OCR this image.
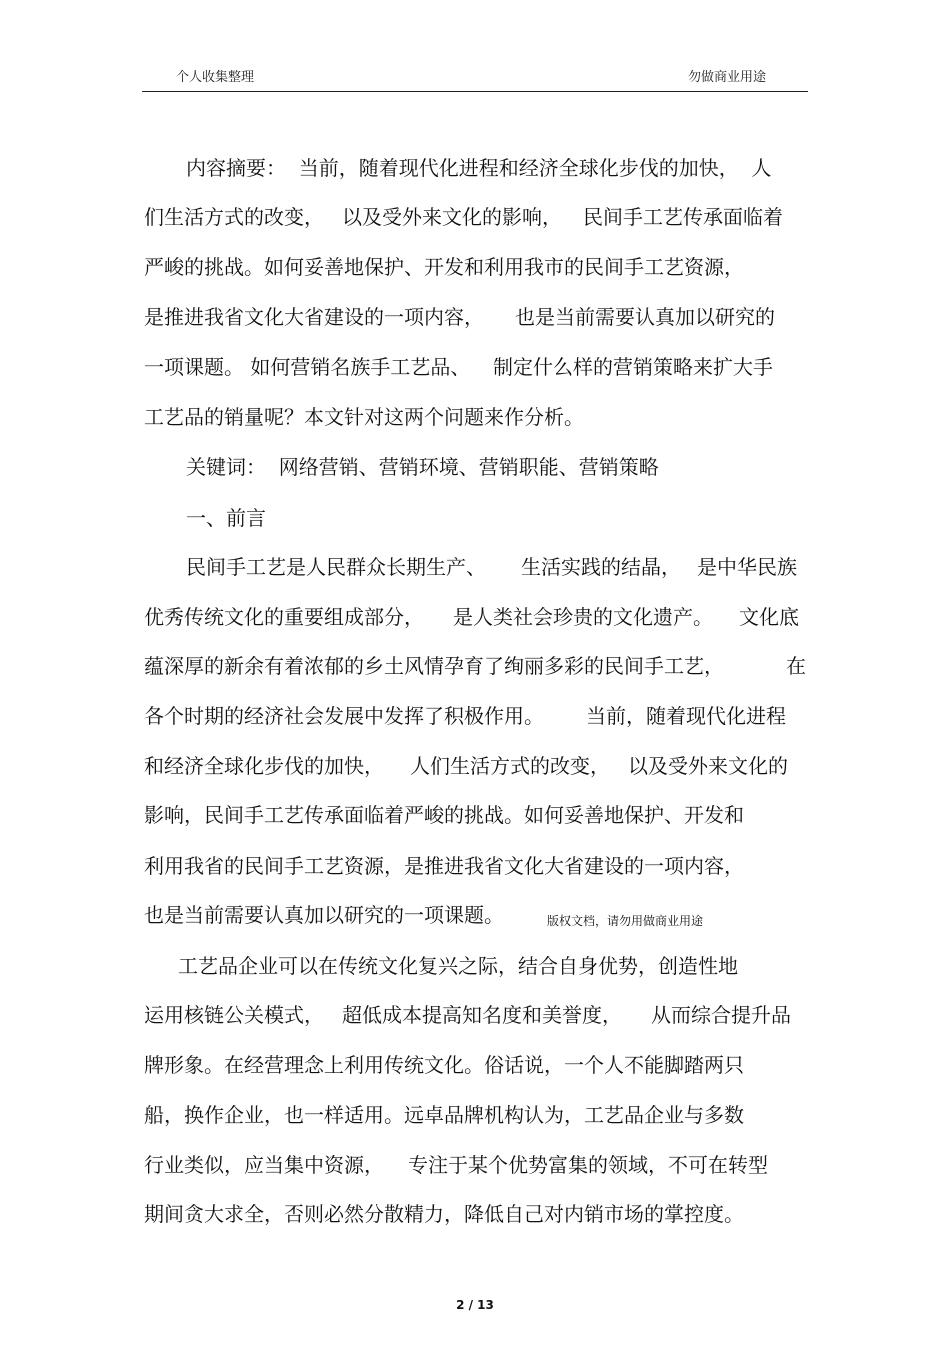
个人收集整理	勿做商业用途

内容摘要：  当前，随着现代化进程和经济全球化步伐的加快，  人

们生活方式的改变，

以及受外来文化的影响，

民间手工艺传承面临着

严峻的挑战。如何妥善地保护、开发和利用我市的民间手工艺资源，

是推进我省文化大省建设的一项内容，

也是当前需要认真加以研究的

一项课题。 如何营销名族手工艺品、

制定什么样的营销策略来扩大手

工艺品的销量呢？本文针对这两个问题来作分析。

关键词：  网络营销、营销环境、营销职能、营销策略

一、前言

民间手工艺是人民群众长期生产、

生活实践的结晶，

是中华民族

优秀传统文化的重要组成部分，

是人类社会珍贵的文化遗产。

文化底

蕴深厚的新余有着浓郁的乡土风情孕育了绚丽多彩的民间手工艺，

	在

各个时期的经济社会发展中发挥了积极作用。

当前，随着现代化进程

和经济全球化步伐的加快，

人们生活方式的改变，

以及受外来文化的

影响，民间手工艺传承面临着严峻的挑战。如何妥善地保护、开发和

利用我省的民间手工艺资源，是推进我省文化大省建设的一项内容，

也是当前需要认真加以研究的一项课题。

	版权文档，请勿用做商业用途

工艺品企业可以在传统文化复兴之际，结合自身优势，创造性地

运用核链公关模式，

超低成本提高知名度和美誉度，

从而综合提升品

牌形象。在经营理念上利用传统文化。俗话说，一个人不能脚踏两只

船，换作企业，也一样适用。远卓品牌机构认为，工艺品企业与多数

行业类似，应当集中资源，

专注于某个优势富集的领域，不可在转型

期间贪大求全，否则必然分散精力，降低自己对内销市场的掌控度。

2 / 13
